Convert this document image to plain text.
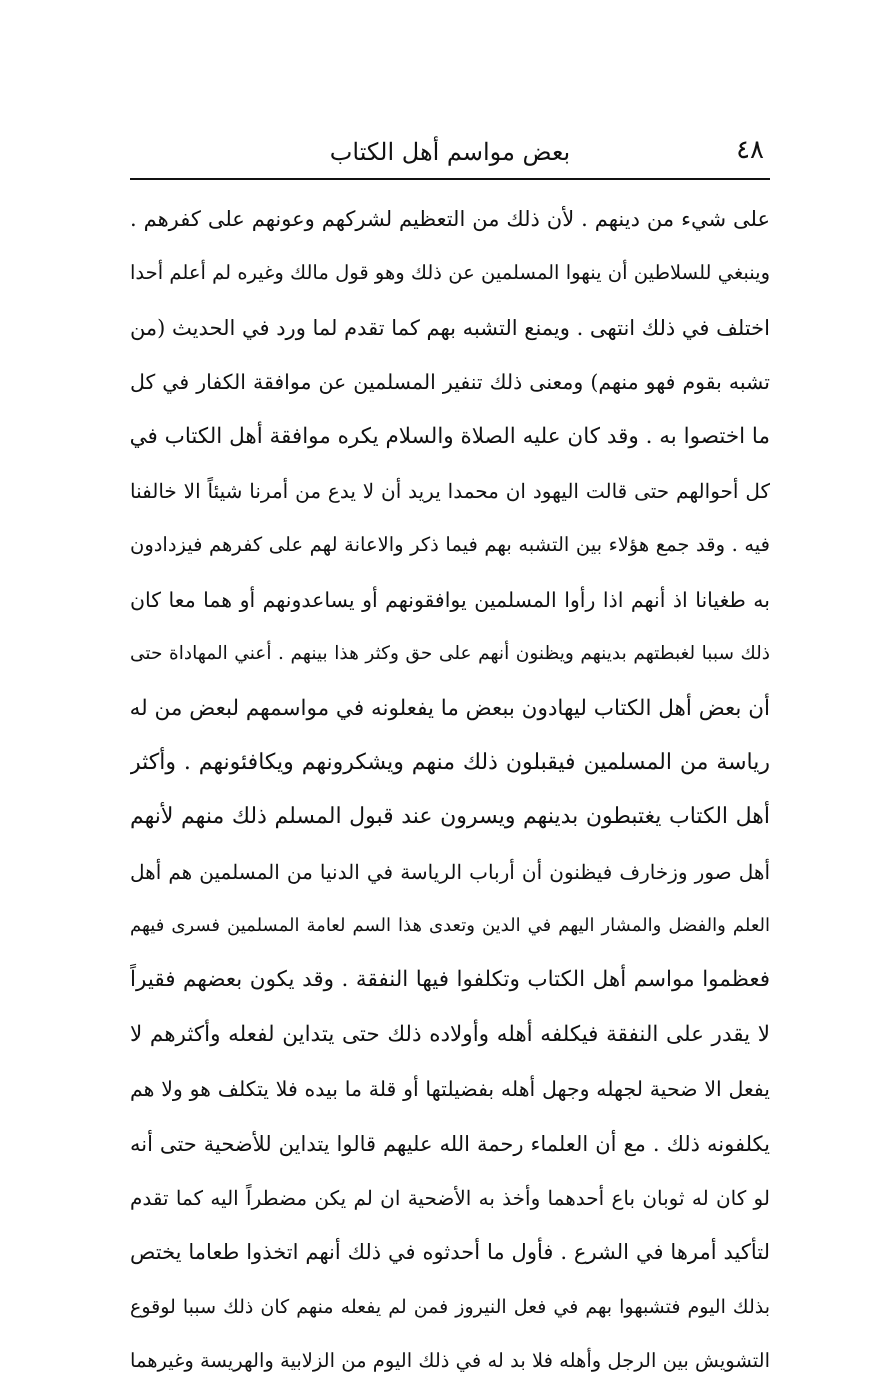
٤٨
بعض مواسم أهل الكتاب
على شيء من دينهم . لأن ذلك من التعظيم لشركهم وعونهم على كفرهم .
وينبغي للسلاطين أن ينهوا المسلمين عن ذلك وهو قول مالك وغيره لم أعلم أحدا
اختلف في ذلك انتهى . ويمنع التشبه بهم كما تقدم لما ورد في الحديث (من
تشبه بقوم فهو منهم) ومعنى ذلك تنفير المسلمين عن موافقة الكفار في كل
ما اختصوا به . وقد كان عليه الصلاة والسلام يكره موافقة أهل الكتاب في
كل أحوالهم حتى قالت اليهود ان محمدا يريد أن لا يدع من أمرنا شيئاً الا خالفنا
فيه . وقد جمع هؤلاء بين التشبه بهم فيما ذكر والاعانة لهم على كفرهم فيزدادون
به طغيانا اذ أنهم اذا رأوا المسلمين يوافقونهم أو يساعدونهم أو هما معا كان
ذلك سببا لغبطتهم بدينهم ويظنون أنهم على حق وكثر هذا بينهم . أعني المهاداة حتى
أن بعض أهل الكتاب ليهادون ببعض ما يفعلونه في مواسمهم لبعض من له
رياسة من المسلمين فيقبلون ذلك منهم ويشكرونهم ويكافئونهم . وأكثر
أهل الكتاب يغتبطون بدينهم ويسرون عند قبول المسلم ذلك منهم لأنهم
أهل صور وزخارف فيظنون أن أرباب الرياسة في الدنيا من المسلمين هم أهل
العلم والفضل والمشار اليهم في الدين وتعدى هذا السم لعامة المسلمين فسرى فيهم
فعظموا مواسم أهل الكتاب وتكلفوا فيها النفقة . وقد يكون بعضهم فقيراً
لا يقدر على النفقة فيكلفه أهله وأولاده ذلك حتى يتداين لفعله وأكثرهم لا
يفعل الا ضحية لجهله وجهل أهله بفضيلتها أو قلة ما بيده فلا يتكلف هو ولا هم
يكلفونه ذلك . مع أن العلماء رحمة الله عليهم قالوا يتداين للأضحية حتى أنه
لو كان له ثوبان باع أحدهما وأخذ به الأضحية ان لم يكن مضطراً اليه كما تقدم
لتأكيد أمرها في الشرع . فأول ما أحدثوه في ذلك أنهم اتخذوا طعاما يختص
بذلك اليوم فتشبهوا بهم في فعل النيروز فمن لم يفعله منهم كان ذلك سببا لوقوع
التشويش بين الرجل وأهله فلا بد له في ذلك اليوم من الزلابية والهريسة وغيرهما
